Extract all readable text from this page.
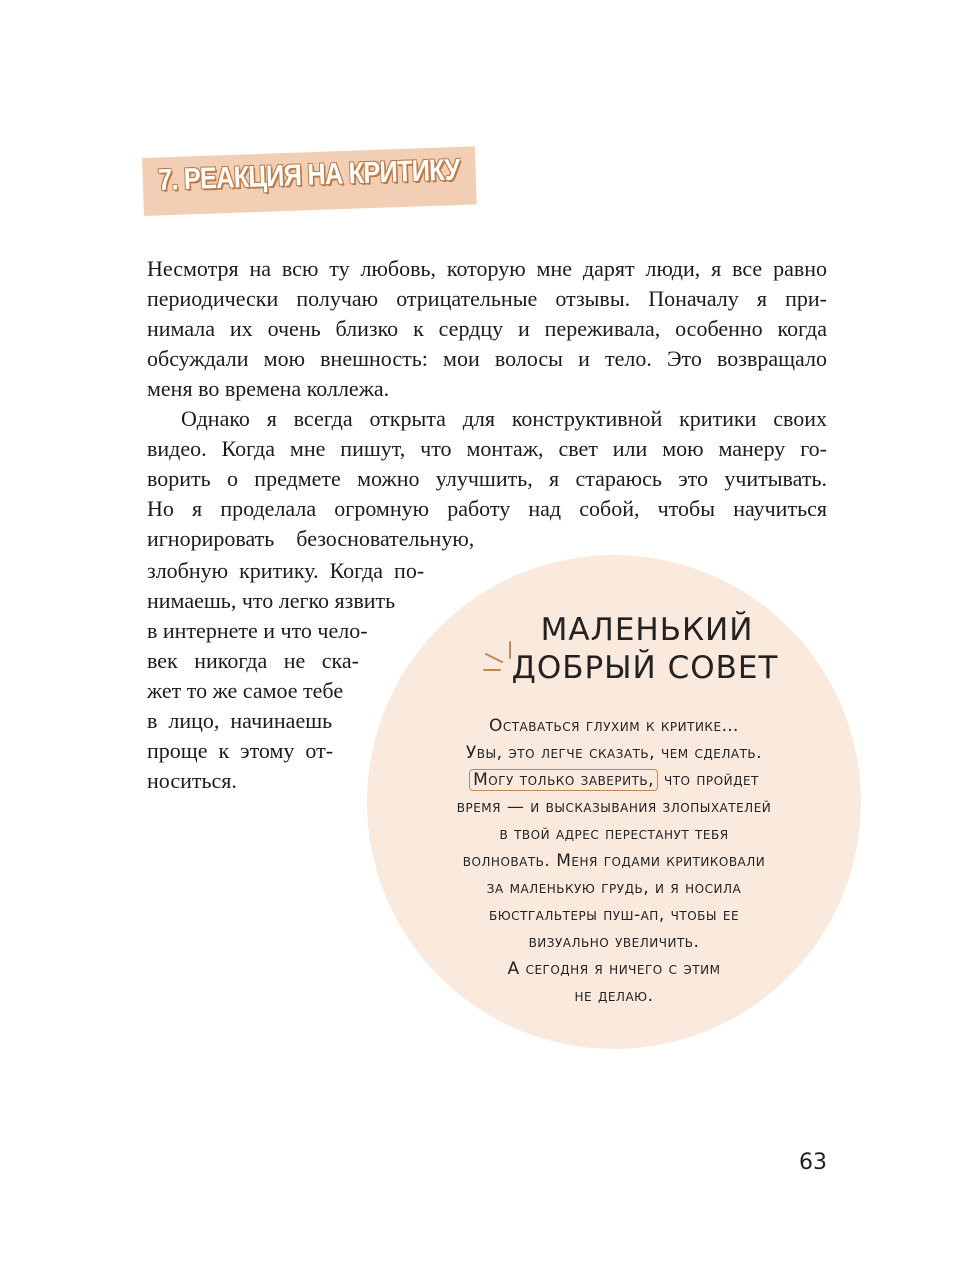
7. РЕАКЦИЯ НА КРИТИКУ
Несмотря на всю ту любовь, которую мне дарят люди, я все равно
периодически получаю отрицательные отзывы. Поначалу я при-
нимала их очень близко к сердцу и переживала, особенно когда
обсуждали мою внешность: мои волосы и тело. Это возвращало
меня во времена коллежа.
Однако я всегда открыта для конструктивной критики своих
видео. Когда мне пишут, что монтаж, свет или мою манеру го-
ворить о предмете можно улучшить, я стараюсь это учитывать.
Но я проделала огромную работу над собой, чтобы научиться
игнорировать    безосновательную,
злобную  критику.  Когда  по-
нимаешь, что легко язвить
в интернете и что чело-
век   никогда   не   ска-
жет то же самое тебе
в  лицо,  начинаешь
проще  к  этому  от-
носиться.
МАЛЕНЬКИЙ
ДОБРЫЙ СОВЕТ
Оставаться глухим к критике…
Увы, это легче сказать, чем сделать.
Могу только заверить, что пройдет
время — и высказывания злопыхателей
в твой адрес перестанут тебя
волновать. Меня годами критиковали
за маленькую грудь, и я носила
бюстгальтеры пуш-ап, чтобы ее
визуально увеличить.
А сегодня я ничего с этим
не делаю.
63
